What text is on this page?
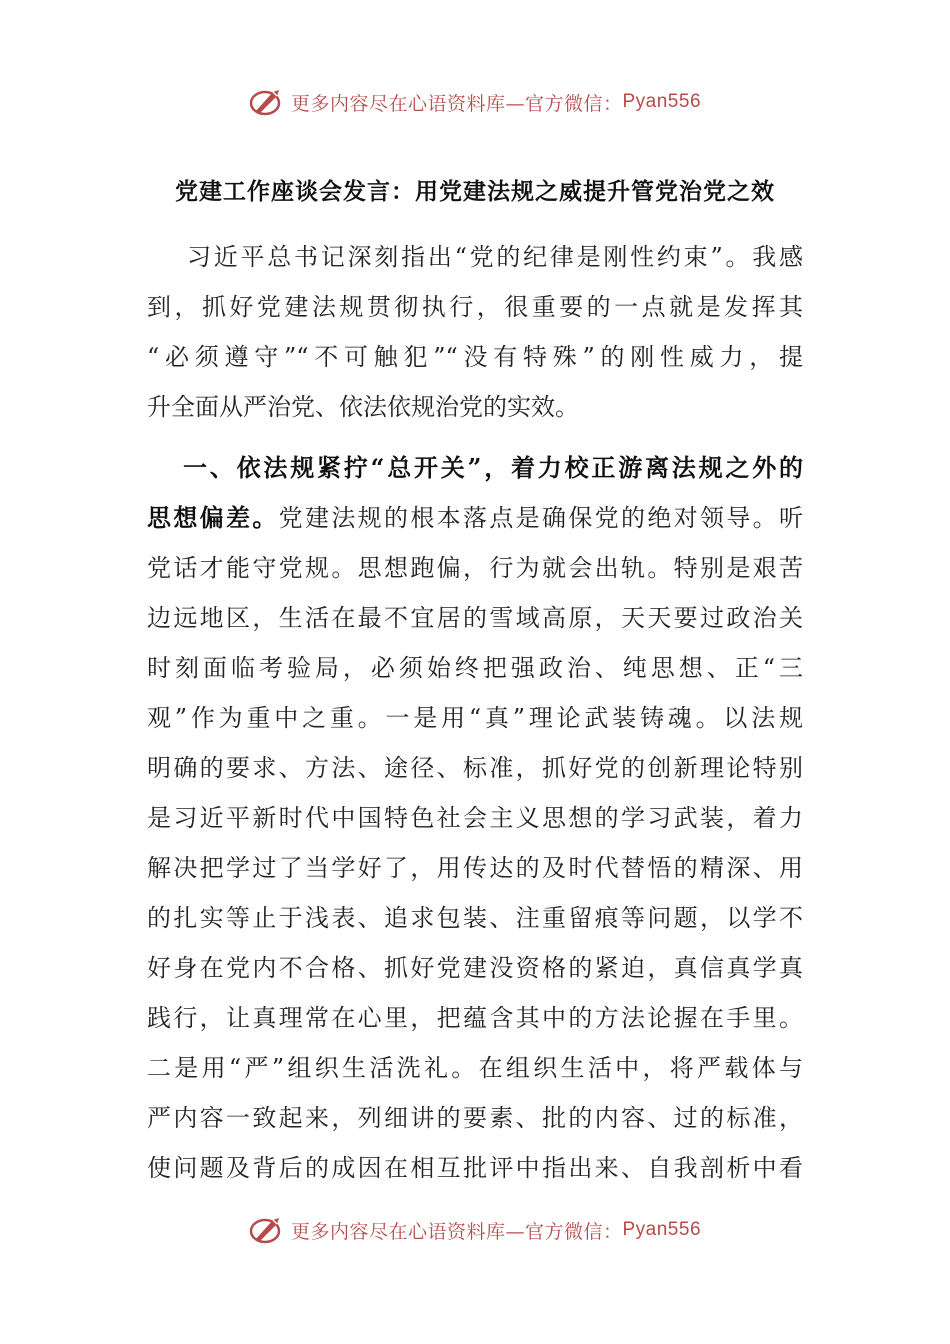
更多内容尽在心语资料库— 官方微信： Pyan556
党建工作座谈会发言：用党建法规之威提升管党治党之效
习近平总书记深刻指出“党的纪律是刚性约束”。我感
到，抓好党建法规贯彻执行，很重要的一点就是发挥其
“必须遵守”“不可触犯”“没有特殊”的刚性威力，提
升全面从严治党、依法依规治党的实效。
一、依法规紧拧“总开关”，着力校正游离法规之外的
思想偏差。党建法规的根本落点是确保党的绝对领导。听
党话才能守党规。思想跑偏，行为就会出轨。特别是艰苦
边远地区，生活在最不宜居的雪域高原，天天要过政治关
时刻面临考验局，必须始终把强政治、纯思想、正“三
观”作为重中之重。一是用“真”理论武装铸魂。以法规
明确的要求、方法、途径、标准，抓好党的创新理论特别
是习近平新时代中国特色社会主义思想的学习武装，着力
解决把学过了当学好了，用传达的及时代替悟的精深、用
的扎实等止于浅表、追求包装、注重留痕等问题，以学不
好身在党内不合格、抓好党建没资格的紧迫，真信真学真
践行，让真理常在心里，把蕴含其中的方法论握在手里。
二是用“严”组织生活洗礼。在组织生活中，将严载体与
严内容一致起来，列细讲的要素、批的内容、过的标准，
使问题及背后的成因在相互批评中指出来、自我剖析中看
更多内容尽在心语资料库— 官方微信： Pyan556
